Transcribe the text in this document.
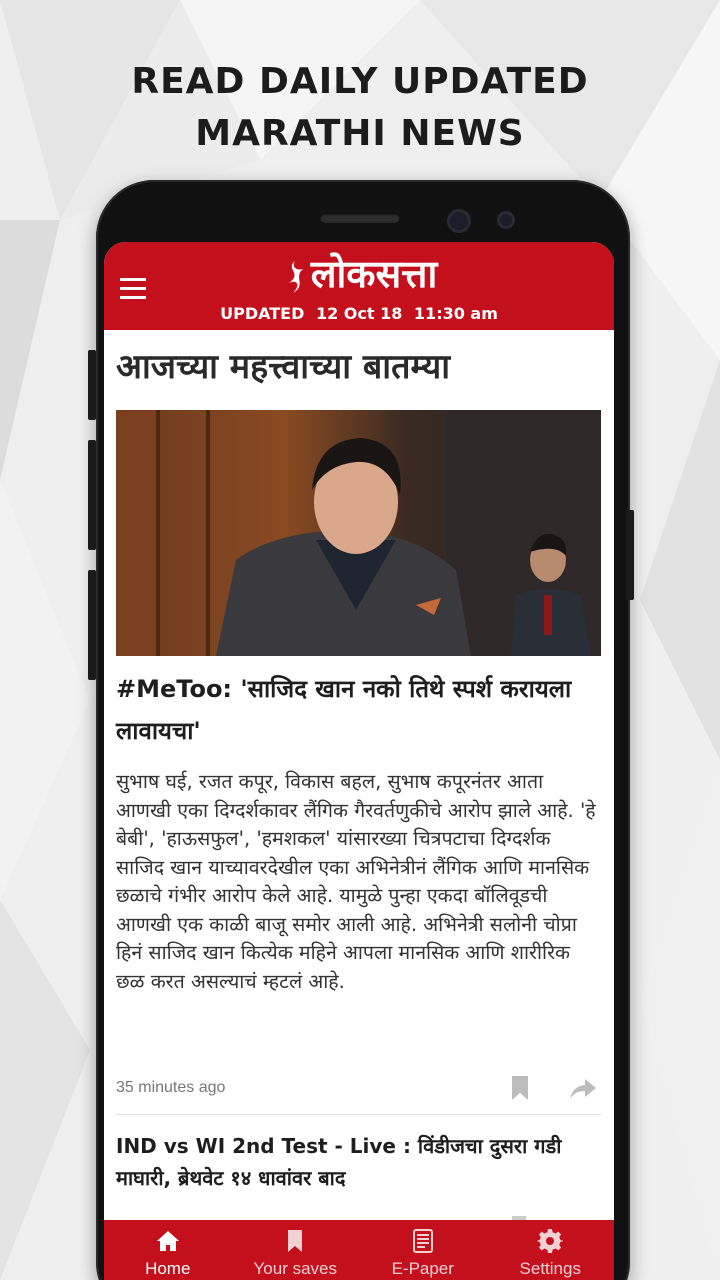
READ DAILY UPDATED
MARATHI NEWS
लोकसत्ता
UPDATED 12 Oct 18 11:30 am
आजच्या महत्त्वाच्या बातम्या
#MeToo: 'साजिद खान नको तिथे स्पर्श करायला लावायचा'
सुभाष घई, रजत कपूर, विकास बहल, सुभाष कपूरनंतर आता आणखी एका दिग्दर्शकावर लैंगिक गैरवर्तणुकीचे आरोप झाले आहे. 'हे बेबी', 'हाऊसफुल', 'हमशकल' यांसारख्या चित्रपटाचा दिग्दर्शक साजिद खान याच्यावरदेखील एका अभिनेत्रीनं लैंगिक आणि मानसिक छळाचे गंभीर आरोप केले आहे. यामुळे पुन्हा एकदा बॉलिवूडची आणखी एक काळी बाजू समोर आली आहे. अभिनेत्री सलोनी चोप्रा हिनं साजिद खान कित्येक महिने आपला मानसिक आणि शारीरिक छळ करत असल्याचं म्हटलं आहे.
35 minutes ago
IND vs WI 2nd Test - Live : विंडीजचा दुसरा गडी माघारी, ब्रेथवेट १४ धावांवर बाद
Home	Your saves	E-Paper	Settings
